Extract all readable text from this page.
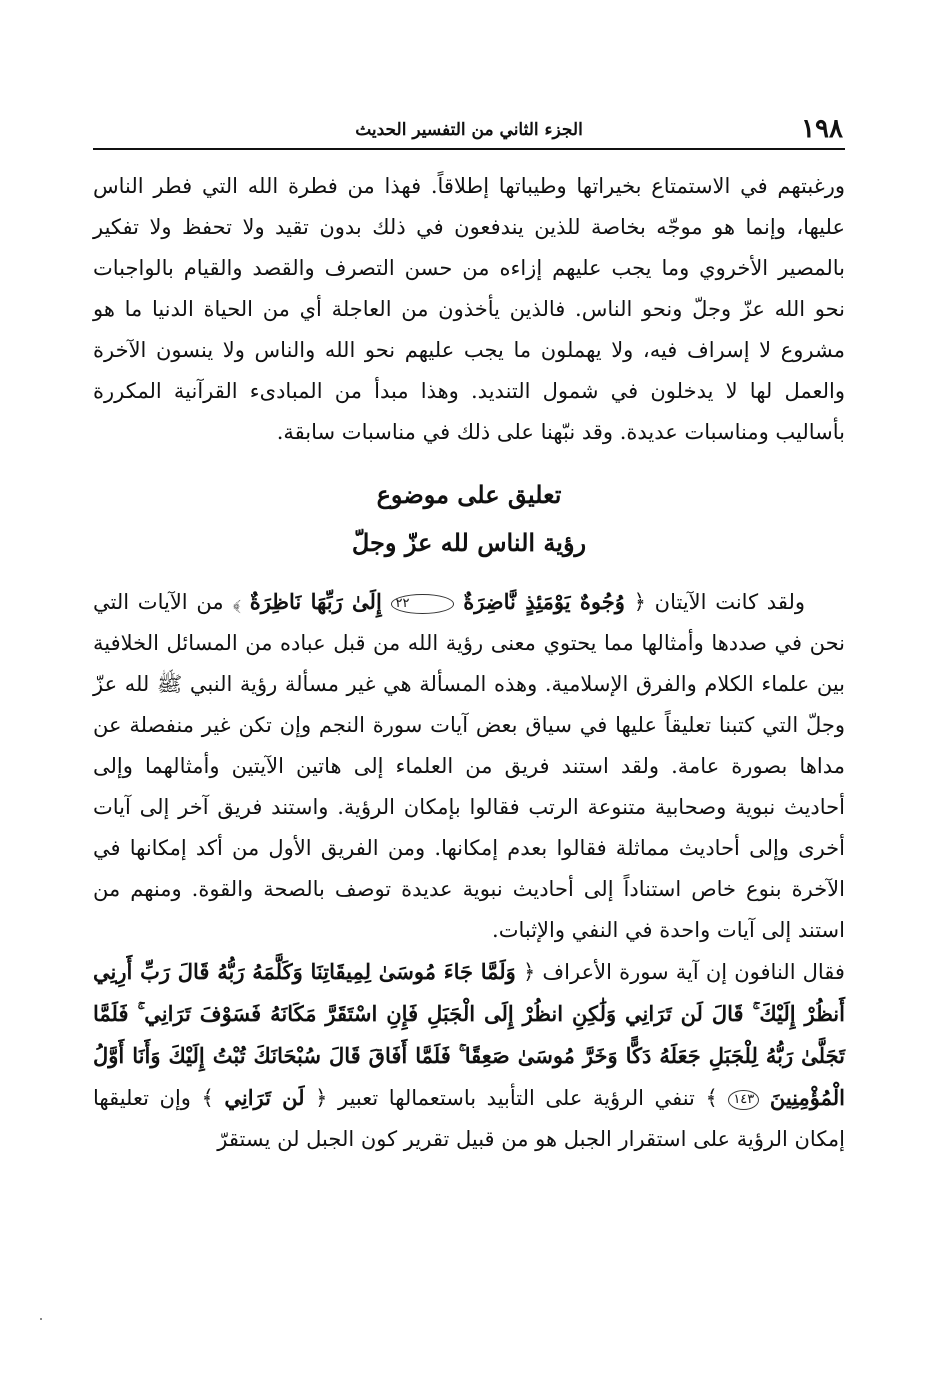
١٩٨
الجزء الثاني من التفسير الحديث

ورغبتهم في الاستمتاع بخيراتها وطيباتها إطلاقاً. فهذا من فطرة الله التي فطر الناس عليها، وإنما هو موجّه بخاصة للذين يندفعون في ذلك بدون تقيد ولا تحفظ ولا تفكير بالمصير الأخروي وما يجب عليهم إزاءه من حسن التصرف والقصد والقيام بالواجبات نحو الله عزّ وجلّ ونحو الناس. فالذين يأخذون من العاجلة أي من الحياة الدنيا ما هو مشروع لا إسراف فيه، ولا يهملون ما يجب عليهم نحو الله والناس ولا ينسون الآخرة والعمل لها لا يدخلون في شمول التنديد. وهذا مبدأ من المبادىء القرآنية المكررة بأساليب ومناسبات عديدة. وقد نبّهنا على ذلك في مناسبات سابقة.

تعليق على موضوع
رؤية الناس لله عزّ وجلّ

ولقد كانت الآيتان ﴿ وُجُوهٌ يَوْمَئِذٍ نَّاضِرَةٌ ٢٢ إِلَىٰ رَبِّهَا نَاظِرَةٌ ﴾ من الآيات التي نحن في صددها وأمثالها مما يحتوي معنى رؤية الله من قبل عباده من المسائل الخلافية بين علماء الكلام والفرق الإسلامية. وهذه المسألة هي غير مسألة رؤية النبي ﷺ لله عزّ وجلّ التي كتبنا تعليقاً عليها في سياق بعض آيات سورة النجم وإن تكن غير منفصلة عن مداها بصورة عامة. ولقد استند فريق من العلماء إلى هاتين الآيتين وأمثالهما وإلى أحاديث نبوية وصحابية متنوعة الرتب فقالوا بإمكان الرؤية. واستند فريق آخر إلى آيات أخرى وإلى أحاديث مماثلة فقالوا بعدم إمكانها. ومن الفريق الأول من أكد إمكانها في الآخرة بنوع خاص استناداً إلى أحاديث نبوية عديدة توصف بالصحة والقوة. ومنهم من استند إلى آيات واحدة في النفي والإثبات.

فقال النافون إن آية سورة الأعراف ﴿ وَلَمَّا جَاءَ مُوسَىٰ لِمِيقَاتِنَا وَكَلَّمَهُ رَبُّهُ قَالَ رَبِّ أَرِنِي أَنظُرْ إِلَيْكَ ۚ قَالَ لَن تَرَانِي وَلَٰكِنِ انظُرْ إِلَى الْجَبَلِ فَإِنِ اسْتَقَرَّ مَكَانَهُ فَسَوْفَ تَرَانِي ۚ فَلَمَّا تَجَلَّىٰ رَبُّهُ لِلْجَبَلِ جَعَلَهُ دَكًّا وَخَرَّ مُوسَىٰ صَعِقًا ۚ فَلَمَّا أَفَاقَ قَالَ سُبْحَانَكَ تُبْتُ إِلَيْكَ وَأَنَا أَوَّلُ الْمُؤْمِنِينَ ١٤٣ ﴾ تنفي الرؤية على التأبيد باستعمالها تعبير ﴿ لَن تَرَانِي ﴾ وإن تعليقها إمكان الرؤية على استقرار الجبل هو من قبيل تقرير كون الجبل لن يستقرّ
